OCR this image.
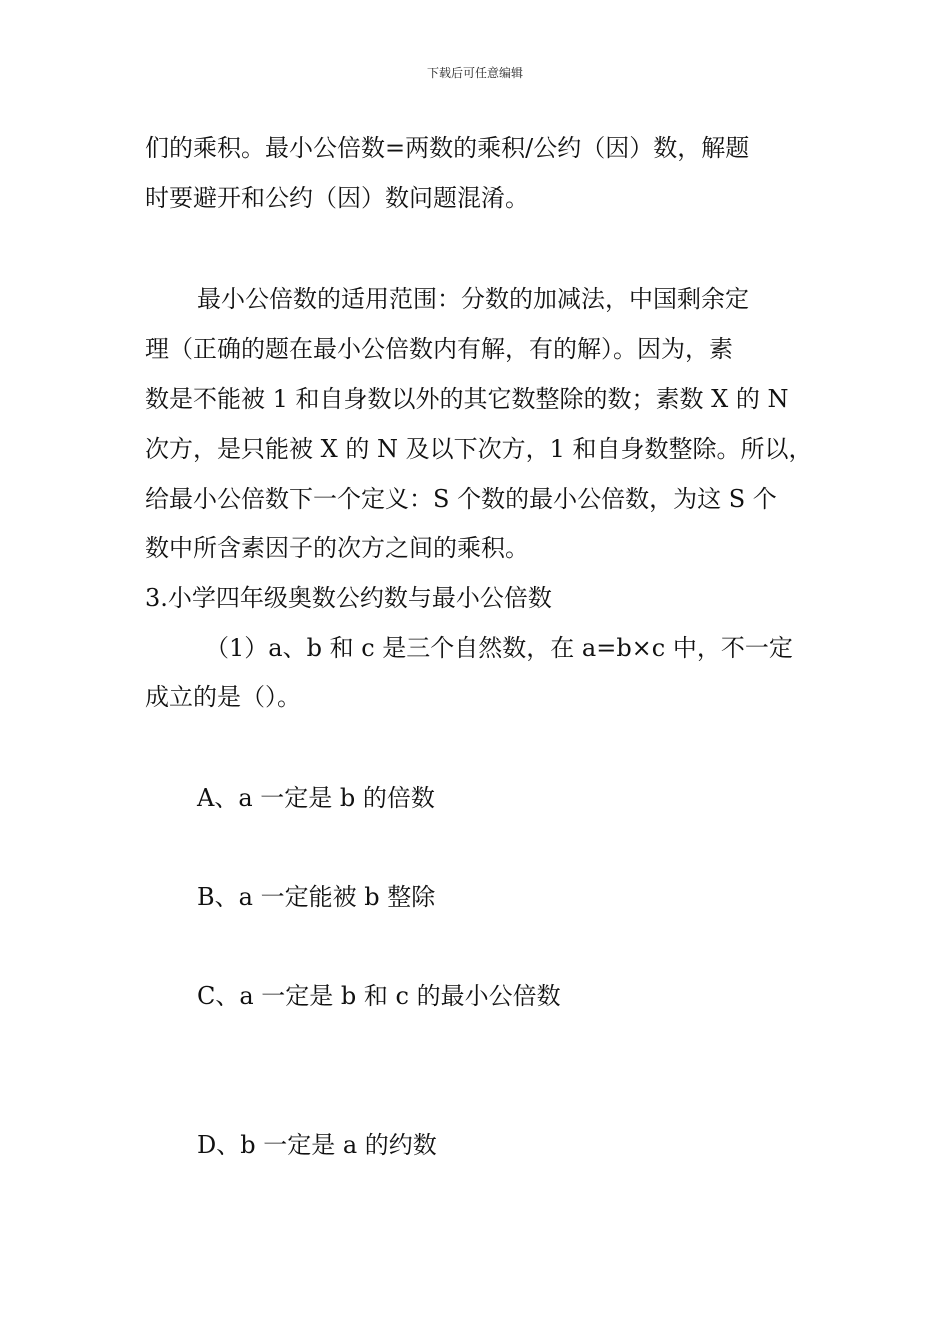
下载后可任意编辑
们的乘积。最小公倍数=两数的乘积/公约（因）数，解题
时要避开和公约（因）数问题混淆。
最小公倍数的适用范围：分数的加减法，中国剩余定
理（正确的题在最小公倍数内有解，有的解）。因为，素
数是不能被 1 和自身数以外的其它数整除的数；素数 X 的 N
次方，是只能被 X 的 N 及以下次方，1 和自身数整除。所以，
给最小公倍数下一个定义：S 个数的最小公倍数，为这 S 个
数中所含素因子的次方之间的乘积。
3.小学四年级奥数公约数与最小公倍数
（1）a、b 和 c 是三个自然数，在 a=b×c 中，不一定
成立的是（）。
A、a 一定是 b 的倍数
B、a 一定能被 b 整除
C、a 一定是 b 和 c 的最小公倍数
D、b 一定是 a 的约数
